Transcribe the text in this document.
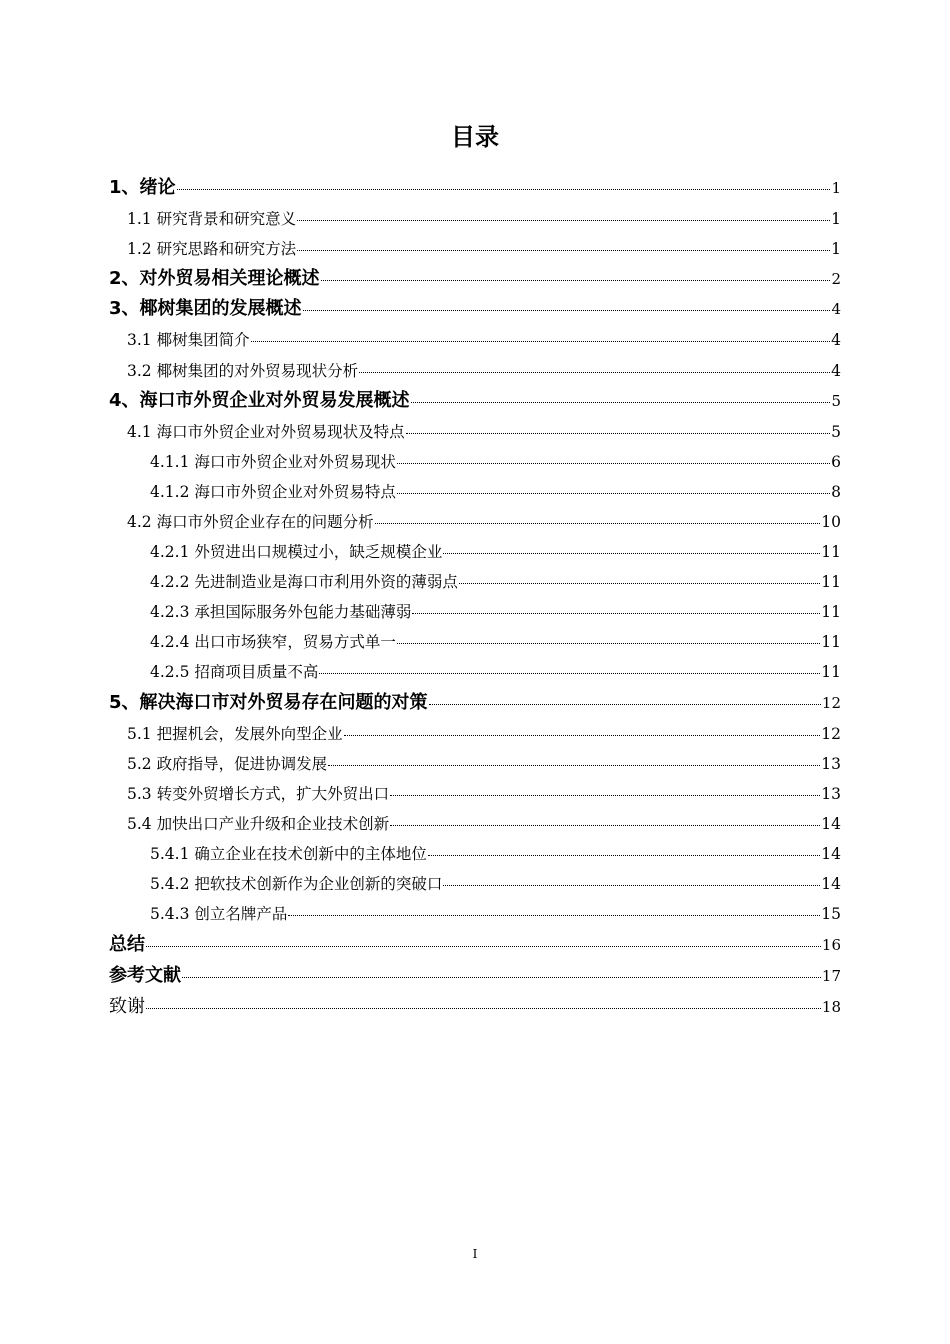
目录
1、绪论	1
1.1 研究背景和研究意义	1
1.2 研究思路和研究方法	1
2、对外贸易相关理论概述	2
3、椰树集团的发展概述	4
3.1 椰树集团简介	4
3.2 椰树集团的对外贸易现状分析	4
4、海口市外贸企业对外贸易发展概述	5
4.1 海口市外贸企业对外贸易现状及特点	5
4.1.1 海口市外贸企业对外贸易现状	6
4.1.2 海口市外贸企业对外贸易特点	8
4.2 海口市外贸企业存在的问题分析	10
4.2.1 外贸进出口规模过小，缺乏规模企业	11
4.2.2 先进制造业是海口市利用外资的薄弱点	11
4.2.3 承担国际服务外包能力基础薄弱	11
4.2.4 出口市场狭窄，贸易方式单一	11
4.2.5 招商项目质量不高	11
5、解决海口市对外贸易存在问题的对策	12
5.1 把握机会，发展外向型企业	12
5.2 政府指导，促进协调发展	13
5.3 转变外贸增长方式，扩大外贸出口	13
5.4 加快出口产业升级和企业技术创新	14
5.4.1 确立企业在技术创新中的主体地位	14
5.4.2 把软技术创新作为企业创新的突破口	14
5.4.3 创立名牌产品	15
总结	16
参考文献	17
致谢	18
I
